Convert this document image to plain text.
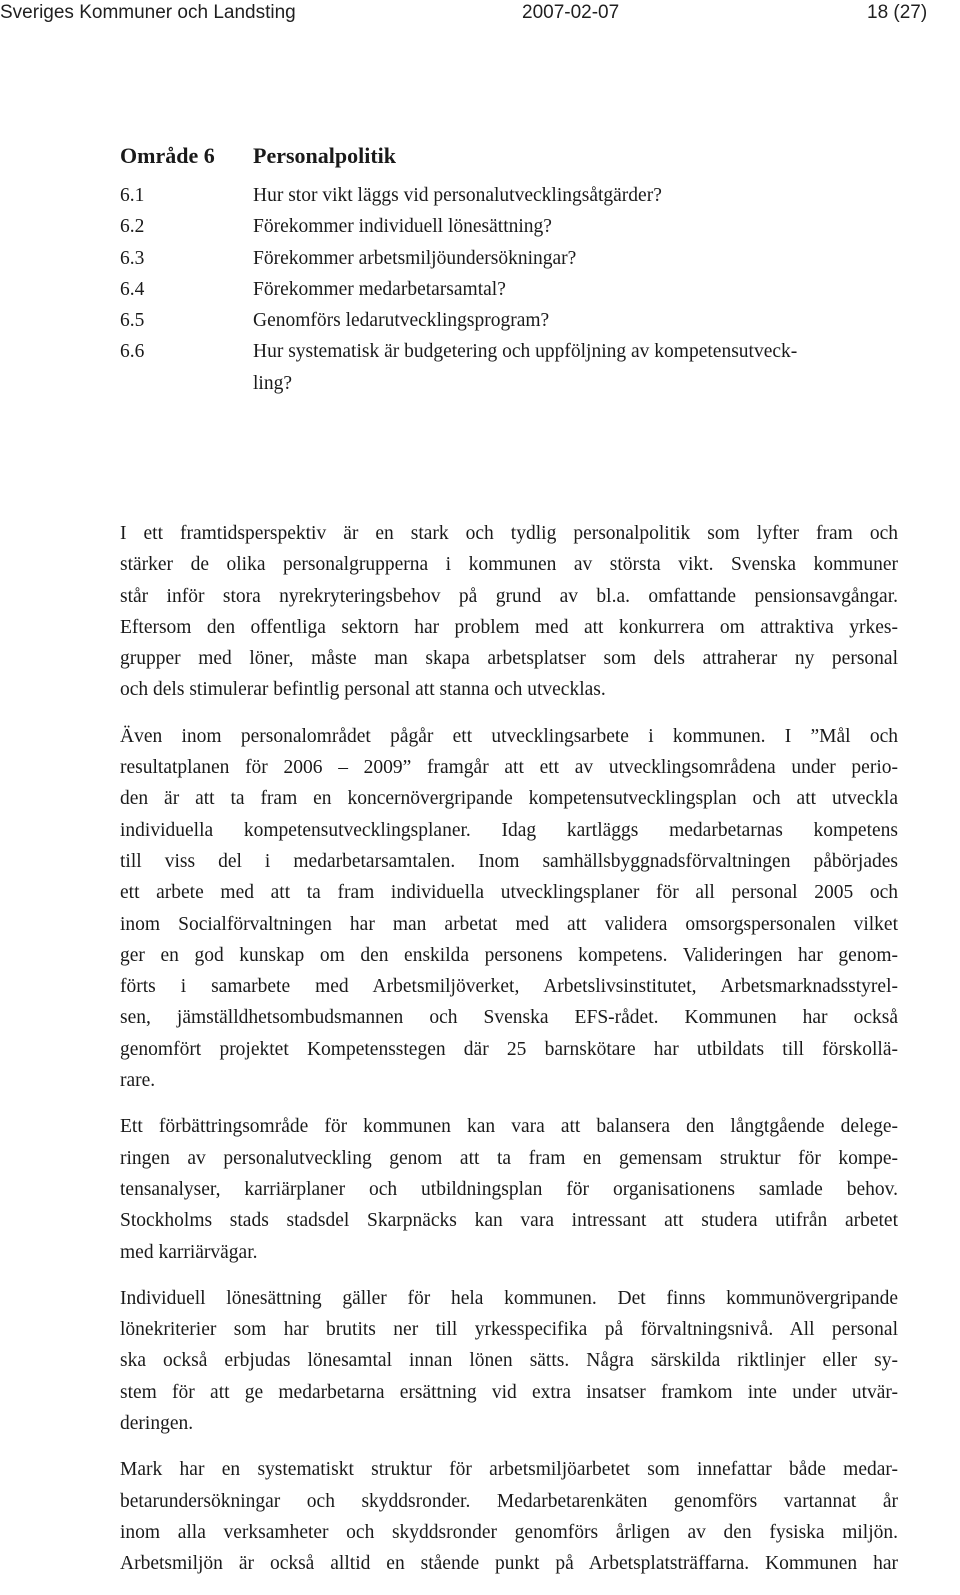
Sveriges Kommuner och Landsting	2007-02-07	18 (27)
Område 6 Personalpolitik
6.1	Hur stor vikt läggs vid personalutvecklingsåtgärder?
6.2	Förekommer individuell lönesättning?
6.3	Förekommer arbetsmiljöundersökningar?
6.4	Förekommer medarbetarsamtal?
6.5	Genomförs ledarutvecklingsprogram?
6.6	Hur systematisk är budgetering och uppföljning av kompetensutveck-
ling?

I ett framtidsperspektiv är en stark och tydlig personalpolitik som lyfter fram och
stärker de olika personalgrupperna i kommunen av största vikt. Svenska kommuner
står inför stora nyrekryteringsbehov på grund av bl.a. omfattande pensionsavgångar.
Eftersom den offentliga sektorn har problem med att konkurrera om attraktiva yrkes-
grupper med löner, måste man skapa arbetsplatser som dels attraherar ny personal
och dels stimulerar befintlig personal att stanna och utvecklas.

Även inom personalområdet pågår ett utvecklingsarbete i kommunen. I ”Mål och
resultatplanen för 2006 – 2009” framgår att ett av utvecklingsområdena under perio-
den är att ta fram en koncernövergripande kompetensutvecklingsplan och att utveckla
individuella kompetensutvecklingsplaner. Idag kartläggs medarbetarnas kompetens
till viss del i medarbetarsamtalen. Inom samhällsbyggnadsförvaltningen påbörjades
ett arbete med att ta fram individuella utvecklingsplaner för all personal 2005 och
inom Socialförvaltningen har man arbetat med att validera omsorgspersonalen vilket
ger en god kunskap om den enskilda personens kompetens. Valideringen har genom-
förts i samarbete med Arbetsmiljöverket, Arbetslivsinstitutet, Arbetsmarknadsstyrel-
sen, jämställdhetsombudsmannen och Svenska EFS-rådet. Kommunen har också
genomfört projektet Kompetensstegen där 25 barnskötare har utbildats till förskollä-
rare.

Ett förbättringsområde för kommunen kan vara att balansera den långtgående delege-
ringen av personalutveckling genom att ta fram en gemensam struktur för kompe-
tensanalyser, karriärplaner och utbildningsplan för organisationens samlade behov.
Stockholms stads stadsdel Skarpnäcks kan vara intressant att studera utifrån arbetet
med karriärvägar.

Individuell lönesättning gäller för hela kommunen. Det finns kommunövergripande
lönekriterier som har brutits ner till yrkesspecifika på förvaltningsnivå. All personal
ska också erbjudas lönesamtal innan lönen sätts. Några särskilda riktlinjer eller sy-
stem för att ge medarbetarna ersättning vid extra insatser framkom inte under utvär-
deringen.

Mark har en systematiskt struktur för arbetsmiljöarbetet som innefattar både medar-
betarundersökningar och skyddsronder. Medarbetarenkäten genomförs vartannat år
inom alla verksamheter och skyddsronder genomförs årligen av den fysiska miljön.
Arbetsmiljön är också alltid en stående punkt på Arbetsplatsträffarna. Kommunen har
